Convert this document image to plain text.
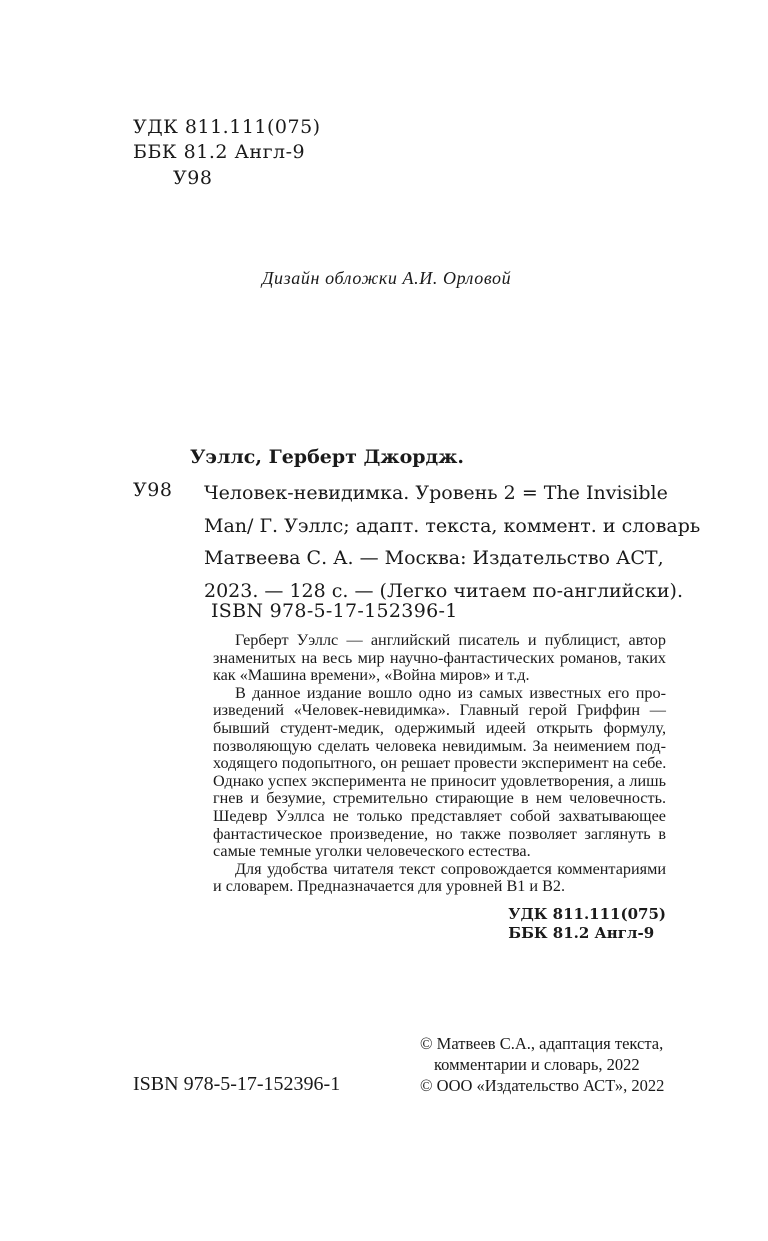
УДК 811.111(075)
ББК 81.2 Англ-9
У98
Дизайн обложки А.И. Орловой
Уэллс, Герберт Джордж.
У98 Человек-невидимка. Уровень 2 = The Invisible
Man/ Г. Уэллс; адапт. текста, коммент. и словарь
Матвеева С. А. — Москва: Издательство АСТ,
2023. — 128 с. — (Легко читаем по-английски).
ISBN 978-5-17-152396-1
Герберт Уэллс — английский писатель и публицист, автор
знаменитых на весь мир научно-фантастических романов, таких
как «Машина времени», «Война миров» и т.д.
В данное издание вошло одно из самых известных его про-
изведений «Человек-невидимка». Главный герой Гриффин —
бывший студент-медик, одержимый идеей открыть формулу,
позволяющую сделать человека невидимым. За неимением под-
ходящего подопытного, он решает провести эксперимент на себе.
Однако успех эксперимента не приносит удовлетворения, а лишь
гнев и безумие, стремительно стирающие в нем человечность.
Шедевр Уэллса не только представляет собой захватывающее
фантастическое произведение, но также позволяет заглянуть в
самые темные уголки человеческого естества.
Для удобства читателя текст сопровождается комментариями
и словарем. Предназначается для уровней B1 и B2.
УДК 811.111(075)
ББК 81.2 Англ-9
© Матвеев С.А., адаптация текста,
комментарии и словарь, 2022
© ООО «Издательство АСТ», 2022
ISBN 978-5-17-152396-1
